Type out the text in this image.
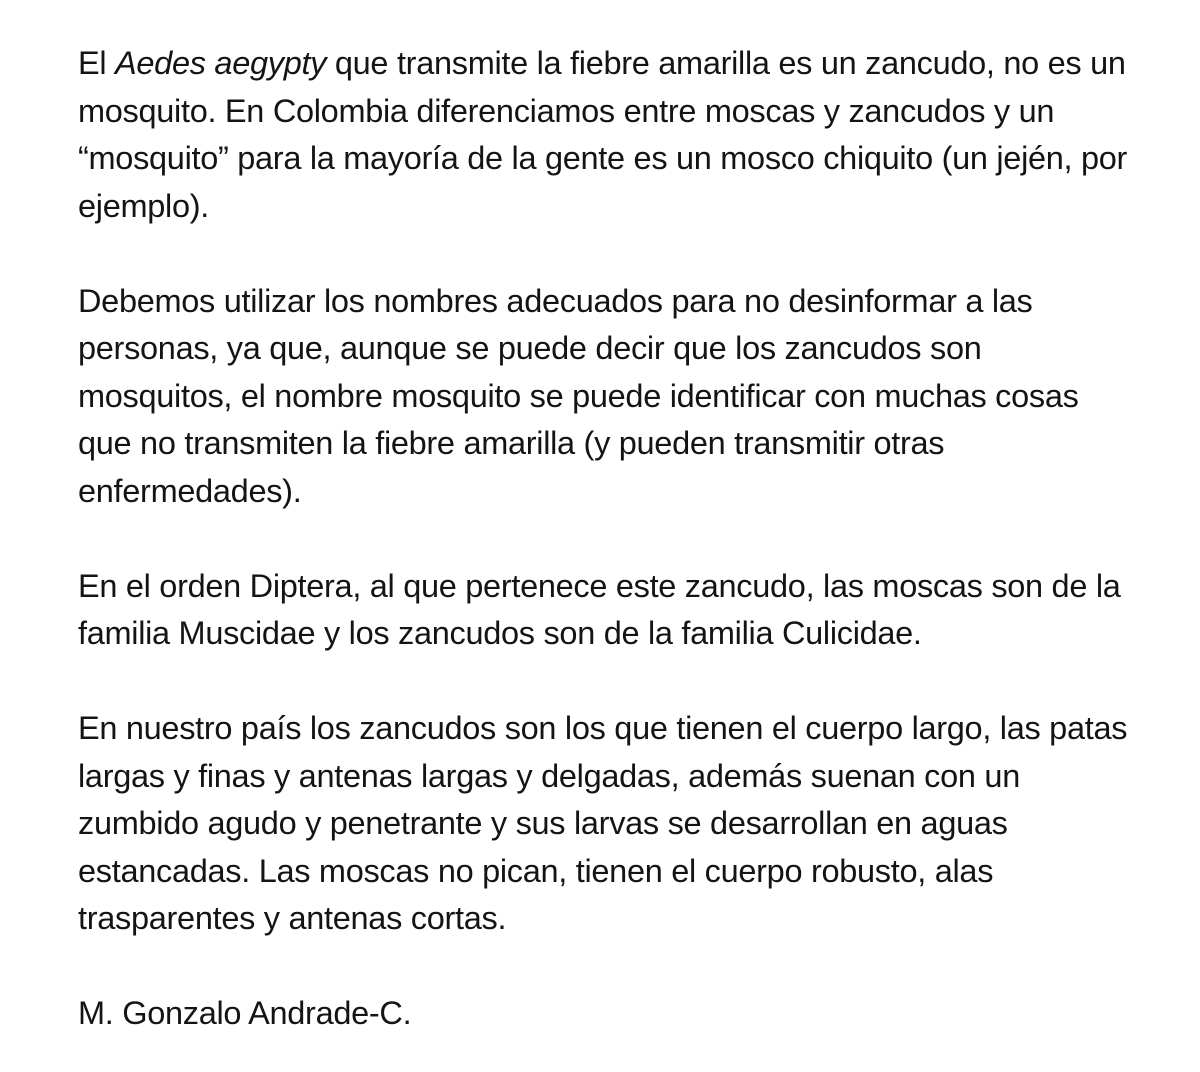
El Aedes aegypty que transmite la fiebre amarilla es un zancudo, no es un mosquito. En Colombia diferenciamos entre moscas y zancudos y un “mosquito” para la mayoría de la gente es un mosco chiquito (un jején, por ejemplo).

Debemos utilizar los nombres adecuados para no desinformar a las personas, ya que, aunque se puede decir que los zancudos son mosquitos, el nombre mosquito se puede identificar con muchas cosas que no transmiten la fiebre amarilla (y pueden transmitir otras enfermedades).

En el orden Diptera, al que pertenece este zancudo, las moscas son de la familia Muscidae y los zancudos son de la familia Culicidae.

En nuestro país los zancudos son los que tienen el cuerpo largo, las patas largas y finas y antenas largas y delgadas, además suenan con un zumbido agudo y penetrante y sus larvas se desarrollan en aguas estancadas. Las moscas no pican, tienen el cuerpo robusto, alas trasparentes y antenas cortas.

M. Gonzalo Andrade-C.
